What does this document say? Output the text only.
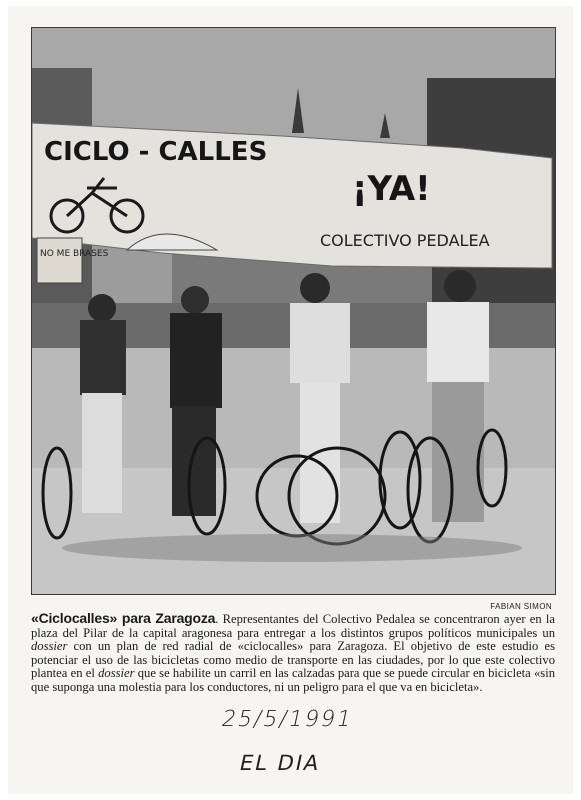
CICLO - CALLES
¡YA!
COLECTIVO PEDALEA
NO ME BRASES
FABIAN SIMON
«Ciclocalles» para Zaragoza. Representantes del Colectivo Pedalea se concentraron ayer en la plaza del Pilar de la capital aragonesa para entregar a los distintos grupos políticos municipales un dossier con un plan de red radial de «ciclocalles» para Zaragoza. El objetivo de este estudio es potenciar el uso de las bicicletas como medio de transporte en las ciudades, por lo que este colectivo plantea en el dossier que se habilite un carril en las calzadas para que se puede circular en bicicleta «sin que suponga una molestia para los conductores, ni un peligro para el que va en bicicleta».
25/5/1991
EL DIA
